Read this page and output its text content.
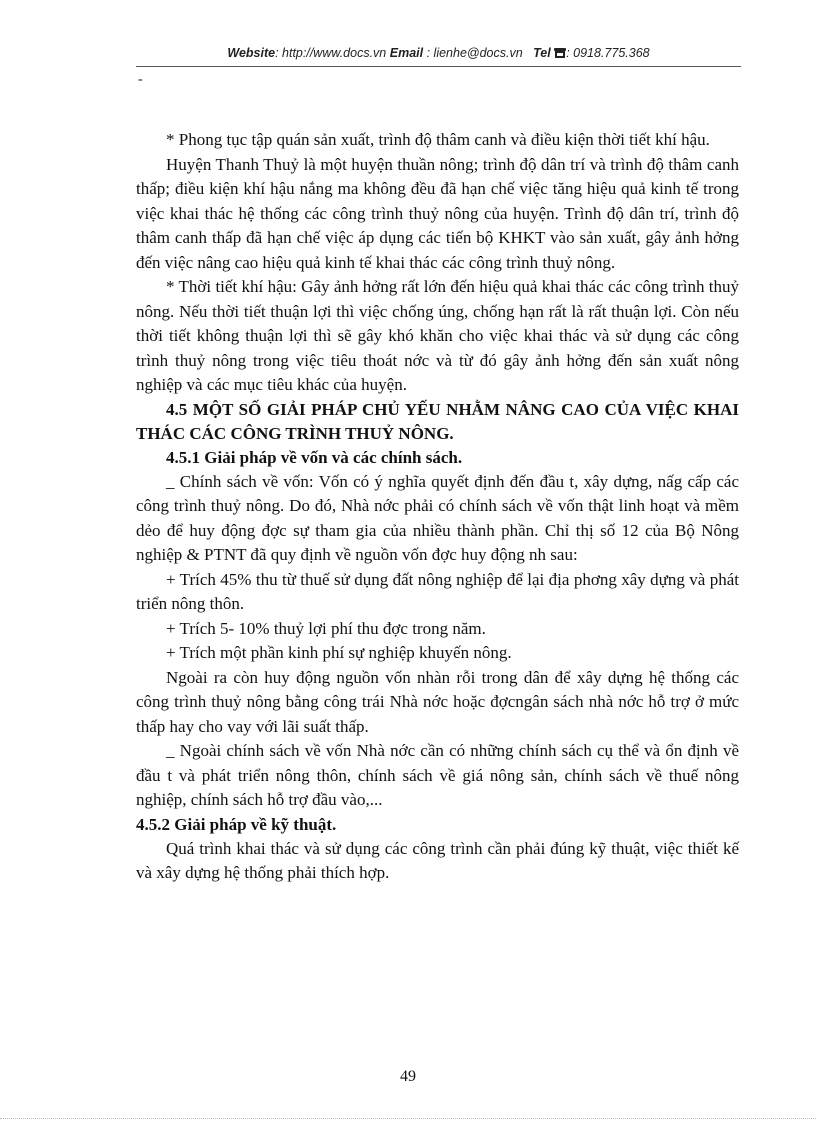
Website: http://www.docs.vn Email : lienhe@docs.vn Tel : 0918.775.368
-

* Phong tục tập quán sản xuất, trình độ thâm canh và điều kiện thời tiết khí hậu.

Huyện Thanh Thuỷ là một huyện thuần nông; trình độ dân trí và trình độ thâm canh thấp; điều kiện khí hậu nắng ma không đều đã hạn chế việc tăng hiệu quả kinh tế trong việc khai thác hệ thống các công trình thuỷ nông của huyện. Trình độ dân trí, trình độ thâm canh thấp đã hạn chế việc áp dụng các tiến bộ KHKT vào sản xuất, gây ảnh hởng đến việc nâng cao hiệu quả kinh tế khai thác các công trình thuỷ nông.

* Thời tiết khí hậu: Gây ảnh hởng rất lớn đến hiệu quả khai thác các công trình thuỷ nông. Nếu thời tiết thuận lợi thì việc chống úng, chống hạn rất là rất thuận lợi. Còn nếu thời tiết không thuận lợi thì sẽ gây khó khăn cho việc khai thác và sử dụng các công trình thuỷ nông trong việc tiêu thoát nớc và từ đó gây ảnh hởng đến sản xuất nông nghiệp và các mục tiêu khác của huyện.

4.5 MỘT SỐ GIẢI PHÁP CHỦ YẾU NHẰM NÂNG CAO CỦA VIỆC KHAI THÁC CÁC CÔNG TRÌNH THUỶ NÔNG.
4.5.1 Giải pháp về vốn và các chính sách.

_ Chính sách về vốn: Vốn có ý nghĩa quyết định đến đầu t, xây dựng, nấg cấp các công trình thuỷ nông. Do đó, Nhà nớc phải có chính sách về vốn thật linh hoạt và mềm dẻo để huy động đợc sự tham gia của nhiều thành phần. Chỉ thị số 12 của Bộ Nông nghiệp & PTNT đã quy định về nguồn vốn đợc huy động nh sau:

+ Trích 45% thu từ thuế sử dụng đất nông nghiệp để lại địa phơng xây dựng và phát triển nông thôn.

+ Trích 5- 10% thuỷ lợi phí thu đợc trong năm.

+ Trích một phần kinh phí sự nghiệp khuyến nông.

Ngoài ra còn huy động nguồn vốn nhàn rỗi trong dân để xây dựng hệ thống các công trình thuỷ nông bằng công trái Nhà nớc hoặc đợcngân sách nhà nớc hỗ trợ ở mức thấp hay cho vay với lãi suất thấp.

_ Ngoài chính sách về vốn Nhà nớc cần có những chính sách cụ thể và ổn định về đầu t và phát triển nông thôn, chính sách về giá nông sản, chính sách về thuế nông nghiệp, chính sách hỗ trợ đầu vào,...

4.5.2 Giải pháp về kỹ thuật.

Quá trình khai thác và sử dụng các công trình cần phải đúng kỹ thuật, việc thiết kế và xây dựng hệ thống phải thích hợp.

49
